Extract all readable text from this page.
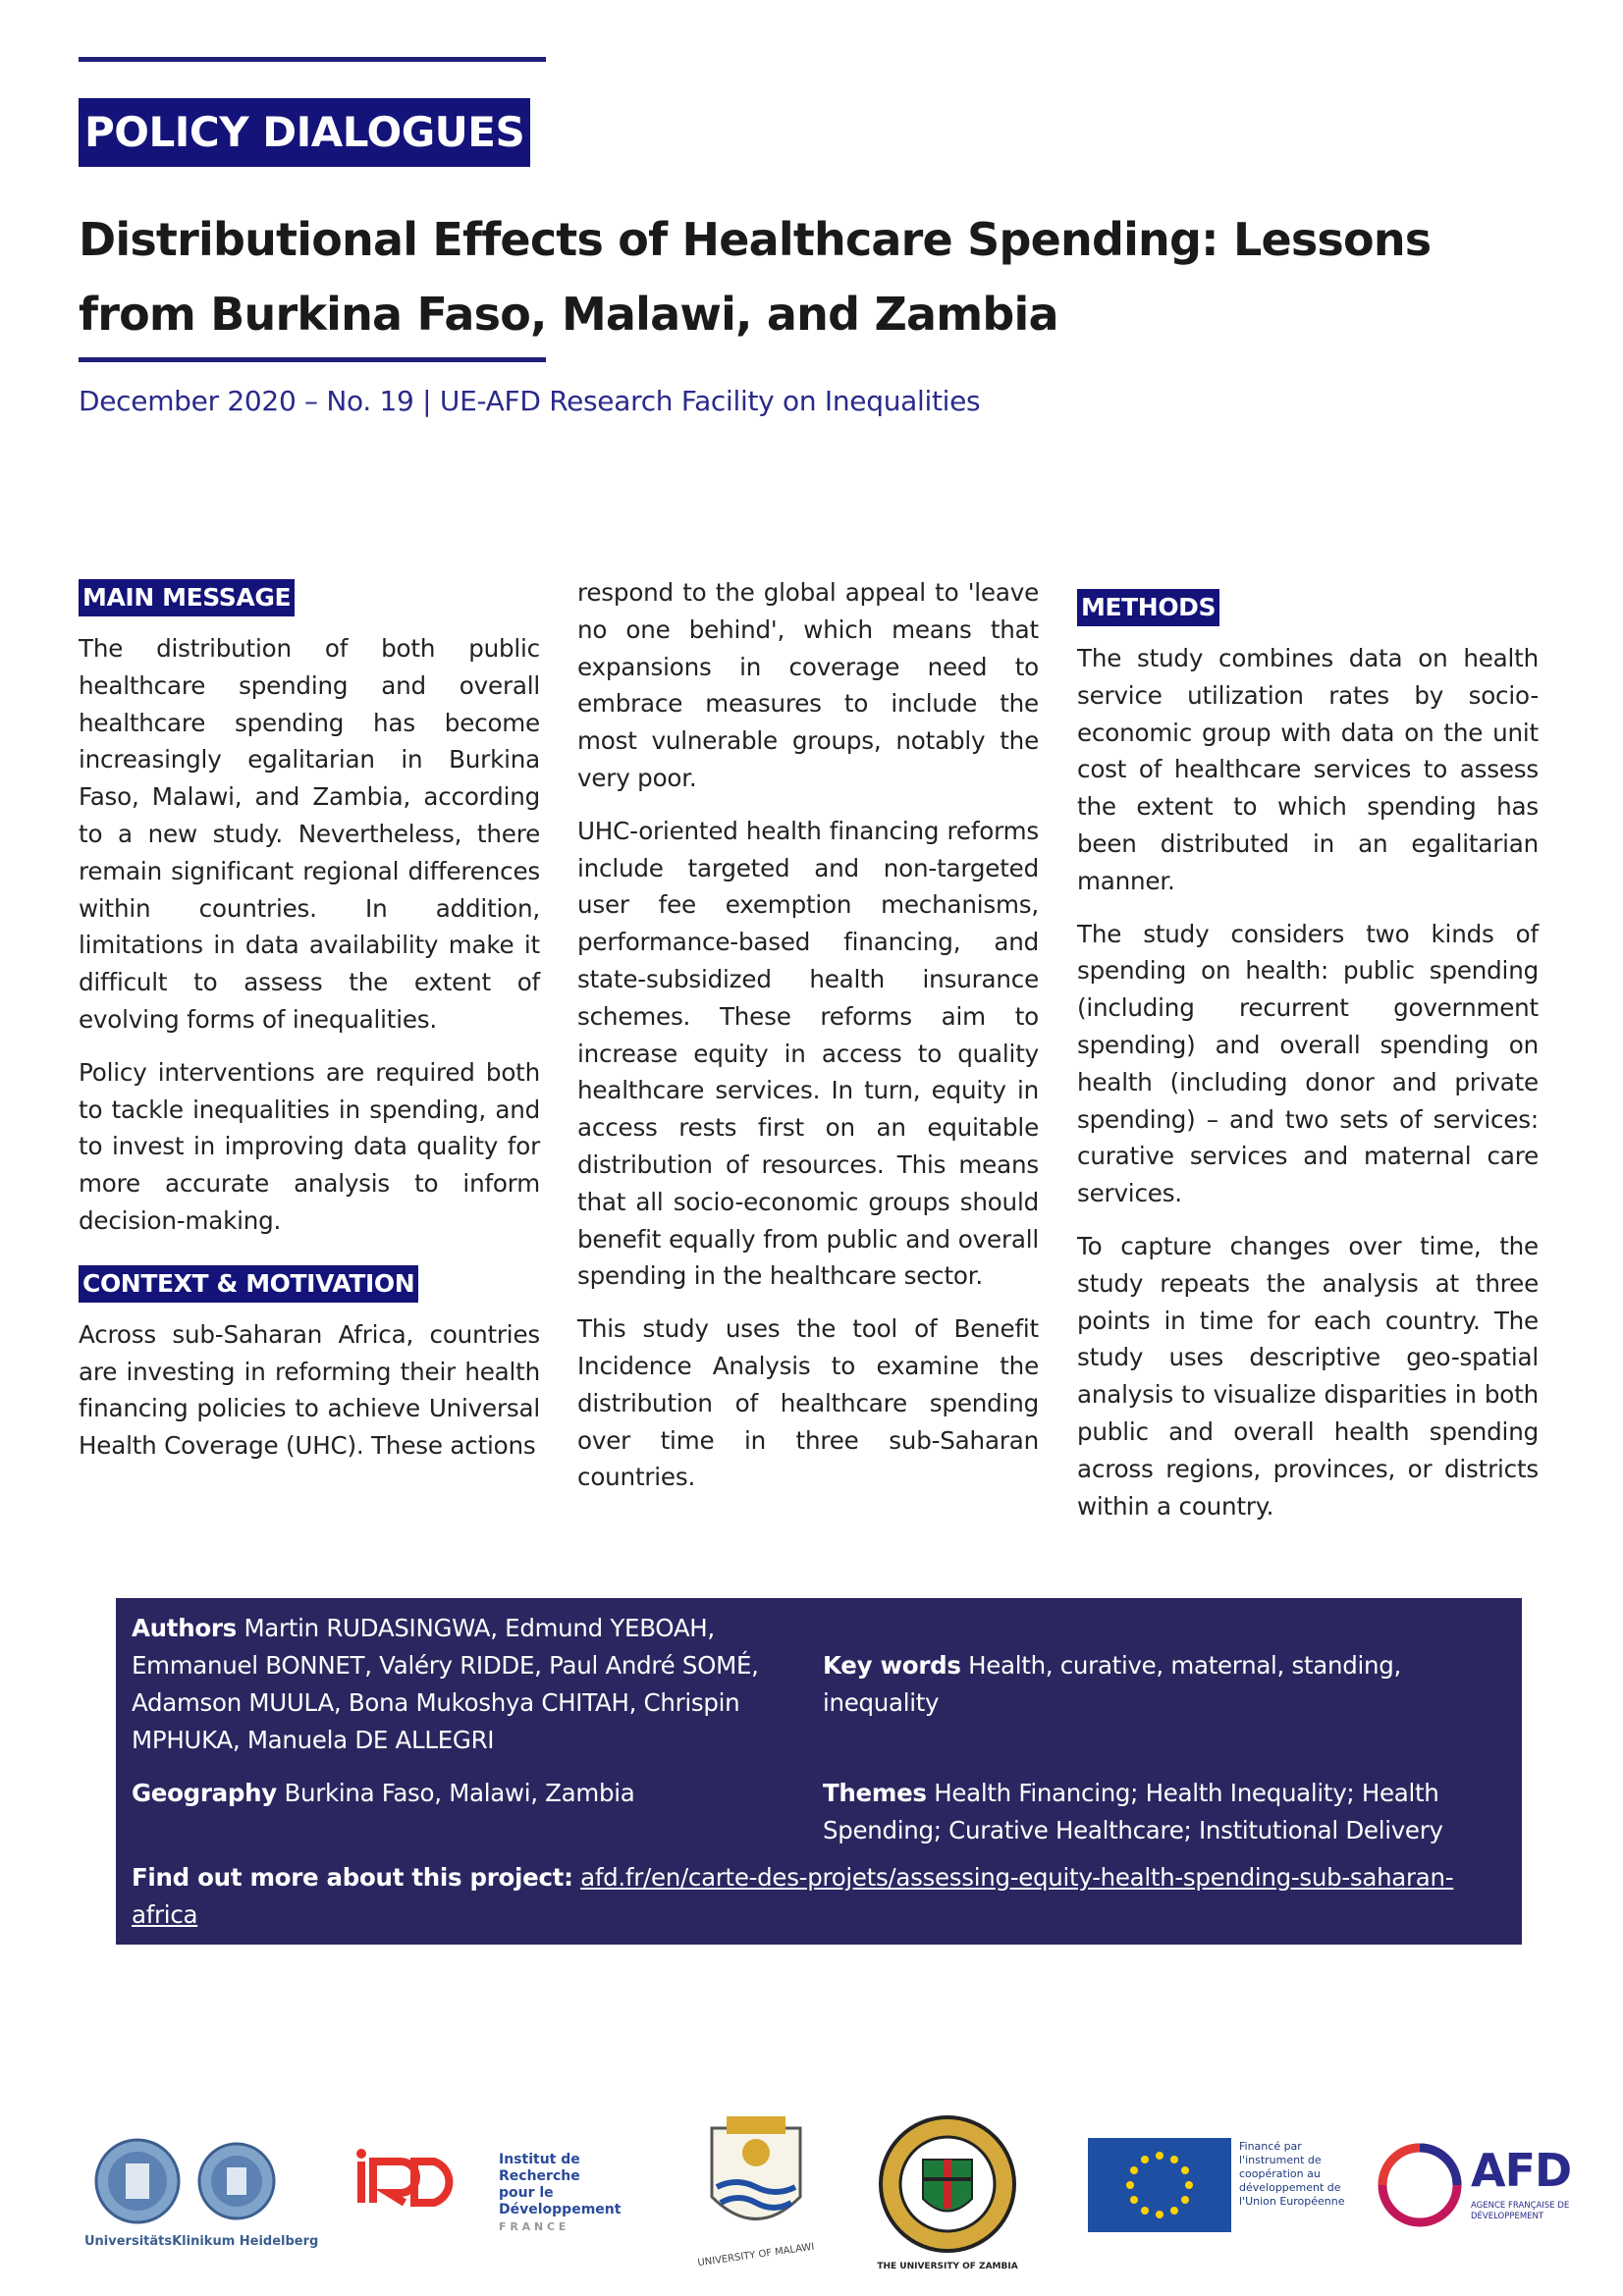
POLICY DIALOGUES
Distributional Effects of Healthcare Spending: Lessons from Burkina Faso, Malawi, and Zambia
December 2020 – No. 19 | UE-AFD Research Facility on Inequalities
MAIN MESSAGE

The distribution of both public healthcare spending and overall healthcare spending has become increasingly egalitarian in Burkina Faso, Malawi, and Zambia, according to a new study. Nevertheless, there remain significant regional differences within countries. In addition, limitations in data availability make it difficult to assess the extent of evolving forms of inequalities.

Policy interventions are required both to tackle inequalities in spending, and to invest in improving data quality for more accurate analysis to inform decision-making.

CONTEXT & MOTIVATION

Across sub-Saharan Africa, countries are investing in reforming their health financing policies to achieve Universal Health Coverage (UHC). These actions

respond to the global appeal to 'leave no one behind', which means that expansions in coverage need to embrace measures to include the most vulnerable groups, notably the very poor.

UHC-oriented health financing reforms include targeted and non-targeted user fee exemption mechanisms, performance-based financing, and state-subsidized health insurance schemes. These reforms aim to increase equity in access to quality healthcare services. In turn, equity in access rests first on an equitable distribution of resources. This means that all socio-economic groups should benefit equally from public and overall spending in the healthcare sector.

This study uses the tool of Benefit Incidence Analysis to examine the distribution of healthcare spending over time in three sub-Saharan countries.

METHODS

The study combines data on health service utilization rates by socio-economic group with data on the unit cost of healthcare services to assess the extent to which spending has been distributed in an egalitarian manner.

The study considers two kinds of spending on health: public spending (including recurrent government spending) and overall spending on health (including donor and private spending) – and two sets of services: curative services and maternal care services.

To capture changes over time, the study repeats the analysis at three points in time for each country. The study uses descriptive geo-spatial analysis to visualize disparities in both public and overall health spending across regions, provinces, or districts within a country.

Authors Martin RUDASINGWA, Edmund YEBOAH, Emmanuel BONNET, Valéry RIDDE, Paul André SOMÉ, Adamson MUULA, Bona Mukoshya CHITAH, Chrispin MPHUKA, Manuela DE ALLEGRI
Key words Health, curative, maternal, standing, inequality
Geography Burkina Faso, Malawi, Zambia	Themes Health Financing; Health Inequality; Health Spending; Curative Healthcare; Institutional Delivery
Find out more about this project: afd.fr/en/carte-des-projets/assessing-equity-health-spending-sub-saharan-africa
UniversitätsKlinikum Heidelberg
Institut de Recherche
pour le Développement
F R A N C E
UNIVERSITY OF MALAWI	THE UNIVERSITY OF ZAMBIA
Financé par l'instrument de coopération au développement de l'Union Européenne
AFD
AGENCE FRANÇAISE DE DÉVELOPPEMENT
